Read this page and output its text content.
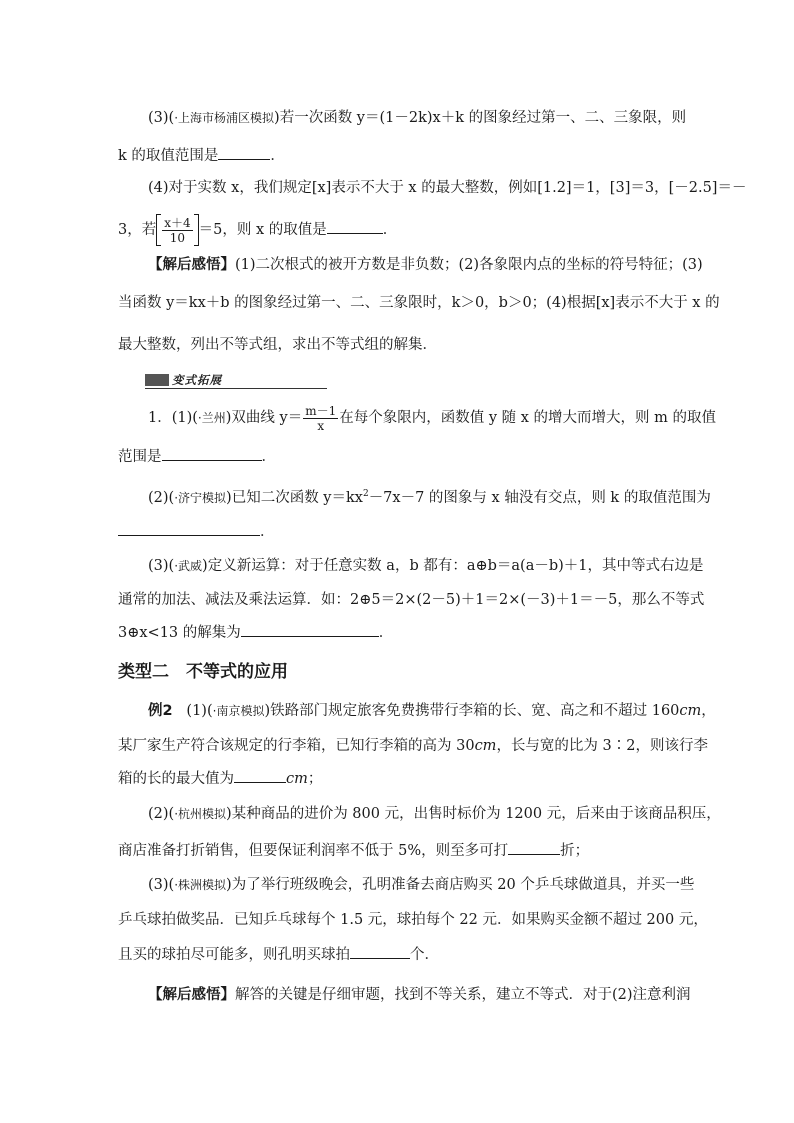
(3)(·上海市杨浦区模拟)若一次函数 y＝(1－2k)x＋k 的图象经过第一、二、三象限，则
k 的取值范围是	．
(4)对于实数 x，我们规定[x]表示不大于 x 的最大整数，例如[1.2]＝1，[3]＝3，[－2.5]＝－
3，若 $\frac{x+4}{10} =5$，则 x 的取值是	．
【解后感悟】(1)二次根式的被开方数是非负数；(2)各象限内点的坐标的符号特征；(3)
当函数 y＝kx＋b 的图象经过第一、二、三象限时，k＞0，b＞0；(4)根据[x]表示不大于 x 的
最大整数，列出不等式组，求出不等式组的解集．
变式拓展
1．(1)(·兰州)双曲线 $y= \frac{m-1}{x}$ 在每个象限内，函数值 y 随 x 的增大而增大，则 m 的取值
范围是	．
(2)(·济宁模拟)已知二次函数 $y=kx^2-7x-7$ 的图象与 x 轴没有交点，则 k 的取值范围为
．
(3)(·武威)定义新运算：对于任意实数 a，b 都有：a⊕b＝a(a－b)＋1，其中等式右边是
通常的加法、减法及乘法运算．如：2⊕5＝2×(2－5)＋1＝2×(－3)＋1＝－5，那么不等式
3⊕x<13 的解集为	．
类型二　不等式的应用
例2 (1)(·南京模拟)铁路部门规定旅客免费携带行李箱的长、宽、高之和不超过 160cm，
某厂家生产符合该规定的行李箱，已知行李箱的高为 30cm，长与宽的比为 3∶2，则该行李
箱的长的最大值为	cm；
(2)(·杭州模拟)某种商品的进价为 800 元，出售时标价为 1200 元，后来由于该商品积压，
商店准备打折销售，但要保证利润率不低于 5%，则至多可打	折；
(3)(·株洲模拟)为了举行班级晚会，孔明准备去商店购买 20 个乒乓球做道具，并买一些
乒乓球拍做奖品．已知乒乓球每个 1.5 元，球拍每个 22 元．如果购买金额不超过 200 元，
且买的球拍尽可能多，则孔明买球拍	个．
【解后感悟】解答的关键是仔细审题，找到不等关系，建立不等式．对于(2)注意利润
